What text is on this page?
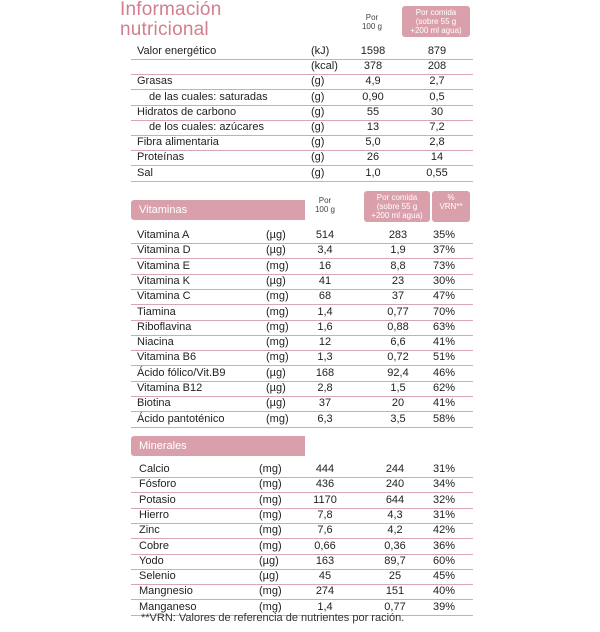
Información
nutricional
Por
100 g
Por comida
(sobre 55 g
+200 ml agua)
Valor energético	(kJ)	1598	879
(kcal)	378	208
Grasas	(g)	4,9	2,7
de las cuales: saturadas	(g)	0,90	0,5
Hidratos de carbono	(g)	55	30
de los cuales: azúcares	(g)	13	7,2
Fibra alimentaria	(g)	5,0	2,8
Proteínas	(g)	26	14
Sal	(g)	1,0	0,55
Vitaminas
Por
100 g
Por comida
(sobre 55 g
+200 ml agua)
%
VRN**
Vitamina A	(µg)	514	283	35%
Vitamina D	(µg)	3,4	1,9	37%
Vitamina E	(mg)	16	8,8	73%
Vitamina K	(µg)	41	23	30%
Vitamina C	(mg)	68	37	47%
Tiamina	(mg)	1,4	0,77	70%
Riboflavina	(mg)	1,6	0,88	63%
Niacina	(mg)	12	6,6	41%
Vitamina B6	(mg)	1,3	0,72	51%
Ácido fólico/Vit.B9	(µg)	168	92,4	46%
Vitamina B12	(µg)	2,8	1,5	62%
Biotina	(µg)	37	20	41%
Ácido pantoténico	(mg)	6,3	3,5	58%
Minerales
Calcio	(mg)	444	244	31%
Fósforo	(mg)	436	240	34%
Potasio	(mg)	1170	644	32%
Hierro	(mg)	7,8	4,3	31%
Zinc	(mg)	7,6	4,2	42%
Cobre	(mg)	0,66	0,36	36%
Yodo	(µg)	163	89,7	60%
Selenio	(µg)	45	25	45%
Mangnesio	(mg)	274	151	40%
Manganeso	(mg)	1,4	0,77	39%
**VRN: Valores de referencia de nutrientes por ración.
